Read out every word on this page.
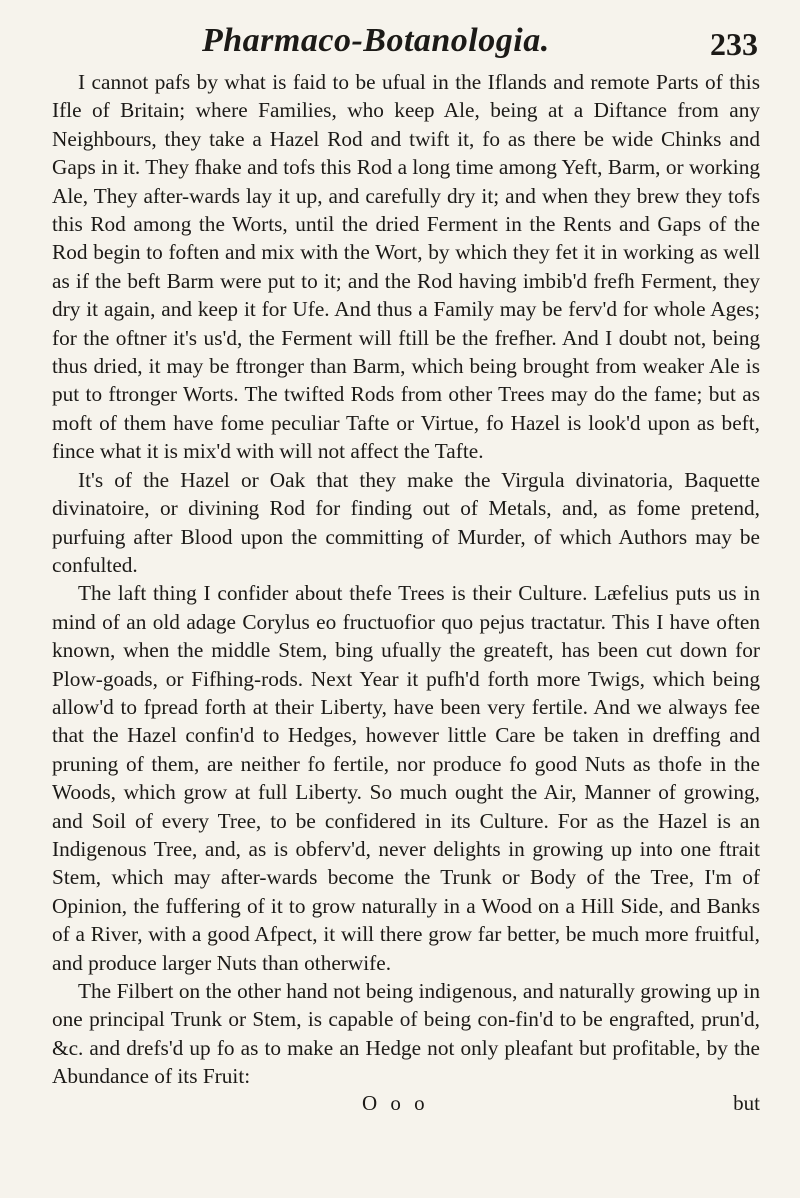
Pharmaco-Botanologia.	233

I cannot pafs by what is faid to be ufual in the Iflands and remote Parts of this Ifle of Britain; where Families, who keep Ale, being at a Diftance from any Neighbours, they take a Hazel Rod and twift it, fo as there be wide Chinks and Gaps in it. They fhake and tofs this Rod a long time among Yeft, Barm, or working Ale, They after-wards lay it up, and carefully dry it; and when they brew they tofs this Rod among the Worts, until the dried Ferment in the Rents and Gaps of the Rod begin to foften and mix with the Wort, by which they fet it in working as well as if the beft Barm were put to it; and the Rod having imbib'd frefh Ferment, they dry it again, and keep it for Ufe. And thus a Family may be ferv'd for whole Ages; for the oftner it's us'd, the Ferment will ftill be the frefher. And I doubt not, being thus dried, it may be ftronger than Barm, which being brought from weaker Ale is put to ftronger Worts. The twifted Rods from other Trees may do the fame; but as moft of them have fome peculiar Tafte or Virtue, fo Hazel is look'd upon as beft, fince what it is mix'd with will not affect the Tafte.

It's of the Hazel or Oak that they make the Virgula divinatoria, Baquette divinatoire, or divining Rod for finding out of Metals, and, as fome pretend, purfuing after Blood upon the committing of Murder, of which Authors may be confulted.

The laft thing I confider about thefe Trees is their Culture. Læfelius puts us in mind of an old adage Corylus eo fructuofior quo pejus tractatur. This I have often known, when the middle Stem, bing ufually the greateft, has been cut down for Plow-goads, or Fifhing-rods. Next Year it pufh'd forth more Twigs, which being allow'd to fpread forth at their Liberty, have been very fertile. And we always fee that the Hazel confin'd to Hedges, however little Care be taken in dreffing and pruning of them, are neither fo fertile, nor produce fo good Nuts as thofe in the Woods, which grow at full Liberty. So much ought the Air, Manner of growing, and Soil of every Tree, to be confidered in its Culture. For as the Hazel is an Indigenous Tree, and, as is obferv'd, never delights in growing up into one ftrait Stem, which may after-wards become the Trunk or Body of the Tree, I'm of Opinion, the fuffering of it to grow naturally in a Wood on a Hill Side, and Banks of a River, with a good Afpect, it will there grow far better, be much more fruitful, and produce larger Nuts than otherwife.

The Filbert on the other hand not being indigenous, and naturally growing up in one principal Trunk or Stem, is capable of being con-fin'd to be engrafted, prun'd, &c. and drefs'd up fo as to make an Hedge not only pleafant but profitable, by the Abundance of its Fruit:

O o o	but
